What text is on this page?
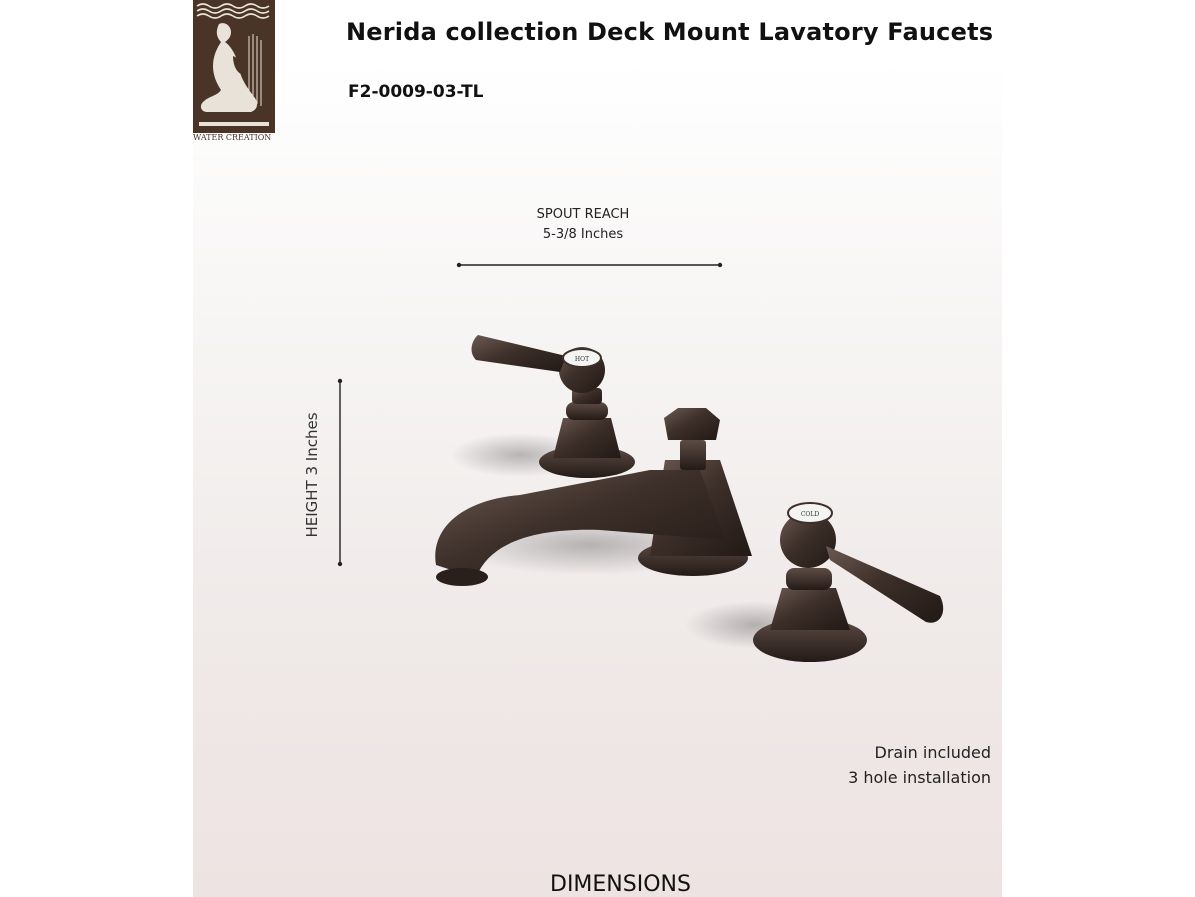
WATER CREATION
Nerida collection Deck Mount Lavatory Faucets
F2-0009-03-TL
SPOUT REACH
5-3/8 Inches
HEIGHT 3 Inches
HOT
COLD
Drain included
3 hole installation
DIMENSIONS
